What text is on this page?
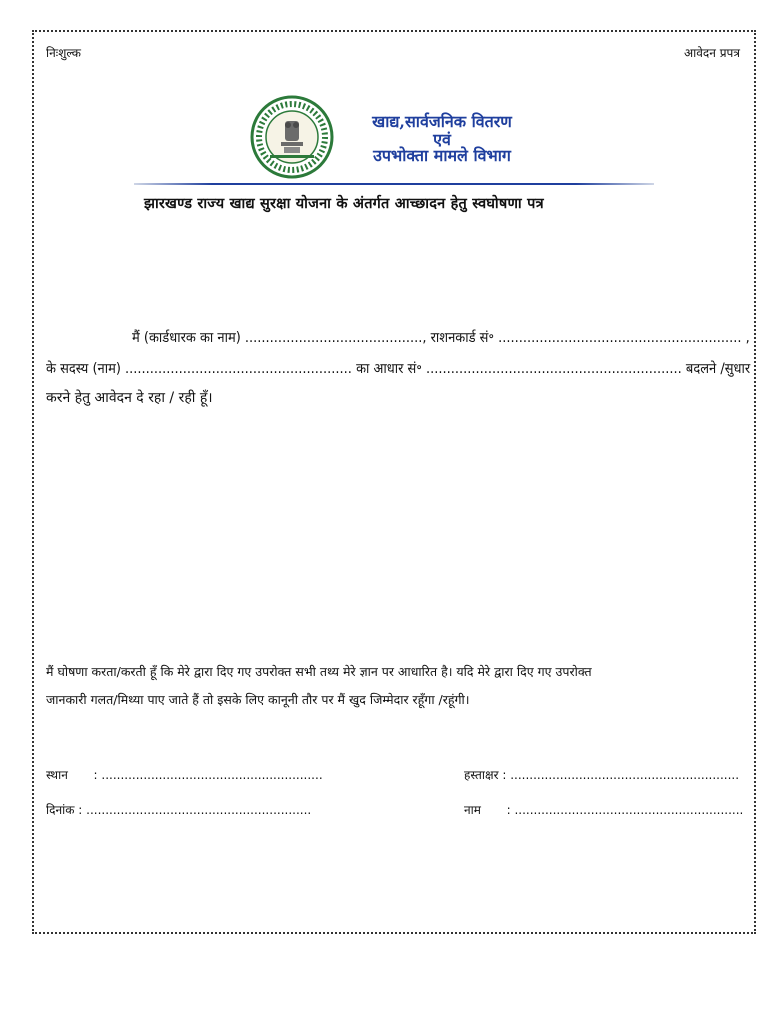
निःशुल्क	आवेदन प्रपत्र
खाद्य,सार्वजनिक वितरण
एवं
उपभोक्ता मामले विभाग
झारखण्ड राज्य खाद्य सुरक्षा योजना के अंतर्गत आच्छादन हेतु स्वघोषणा पत्र
मैं (कार्डधारक का नाम) ..........................................., राशनकार्ड सं॰ ........................................................... ,
के सदस्य (नाम) ....................................................... का आधार सं॰ .............................................................. बदलने /सुधार
करने हेतु आवेदन दे रहा / रही हूँ।
मैं घोषणा करता/करती हूँ कि मेरे द्वारा दिए गए उपरोक्त सभी तथ्य मेरे ज्ञान पर आधारित है। यदि मेरे द्वारा दिए गए उपरोक्त
जानकारी गलत/मिथ्या पाए जाते हैं तो इसके लिए कानूनी तौर पर मैं खुद जिम्मेदार रहूँगा /रहूंगी।
स्थान : ..........................................................	हस्ताक्षर : ............................................................
दिनांक : ...........................................................	नाम : ............................................................
